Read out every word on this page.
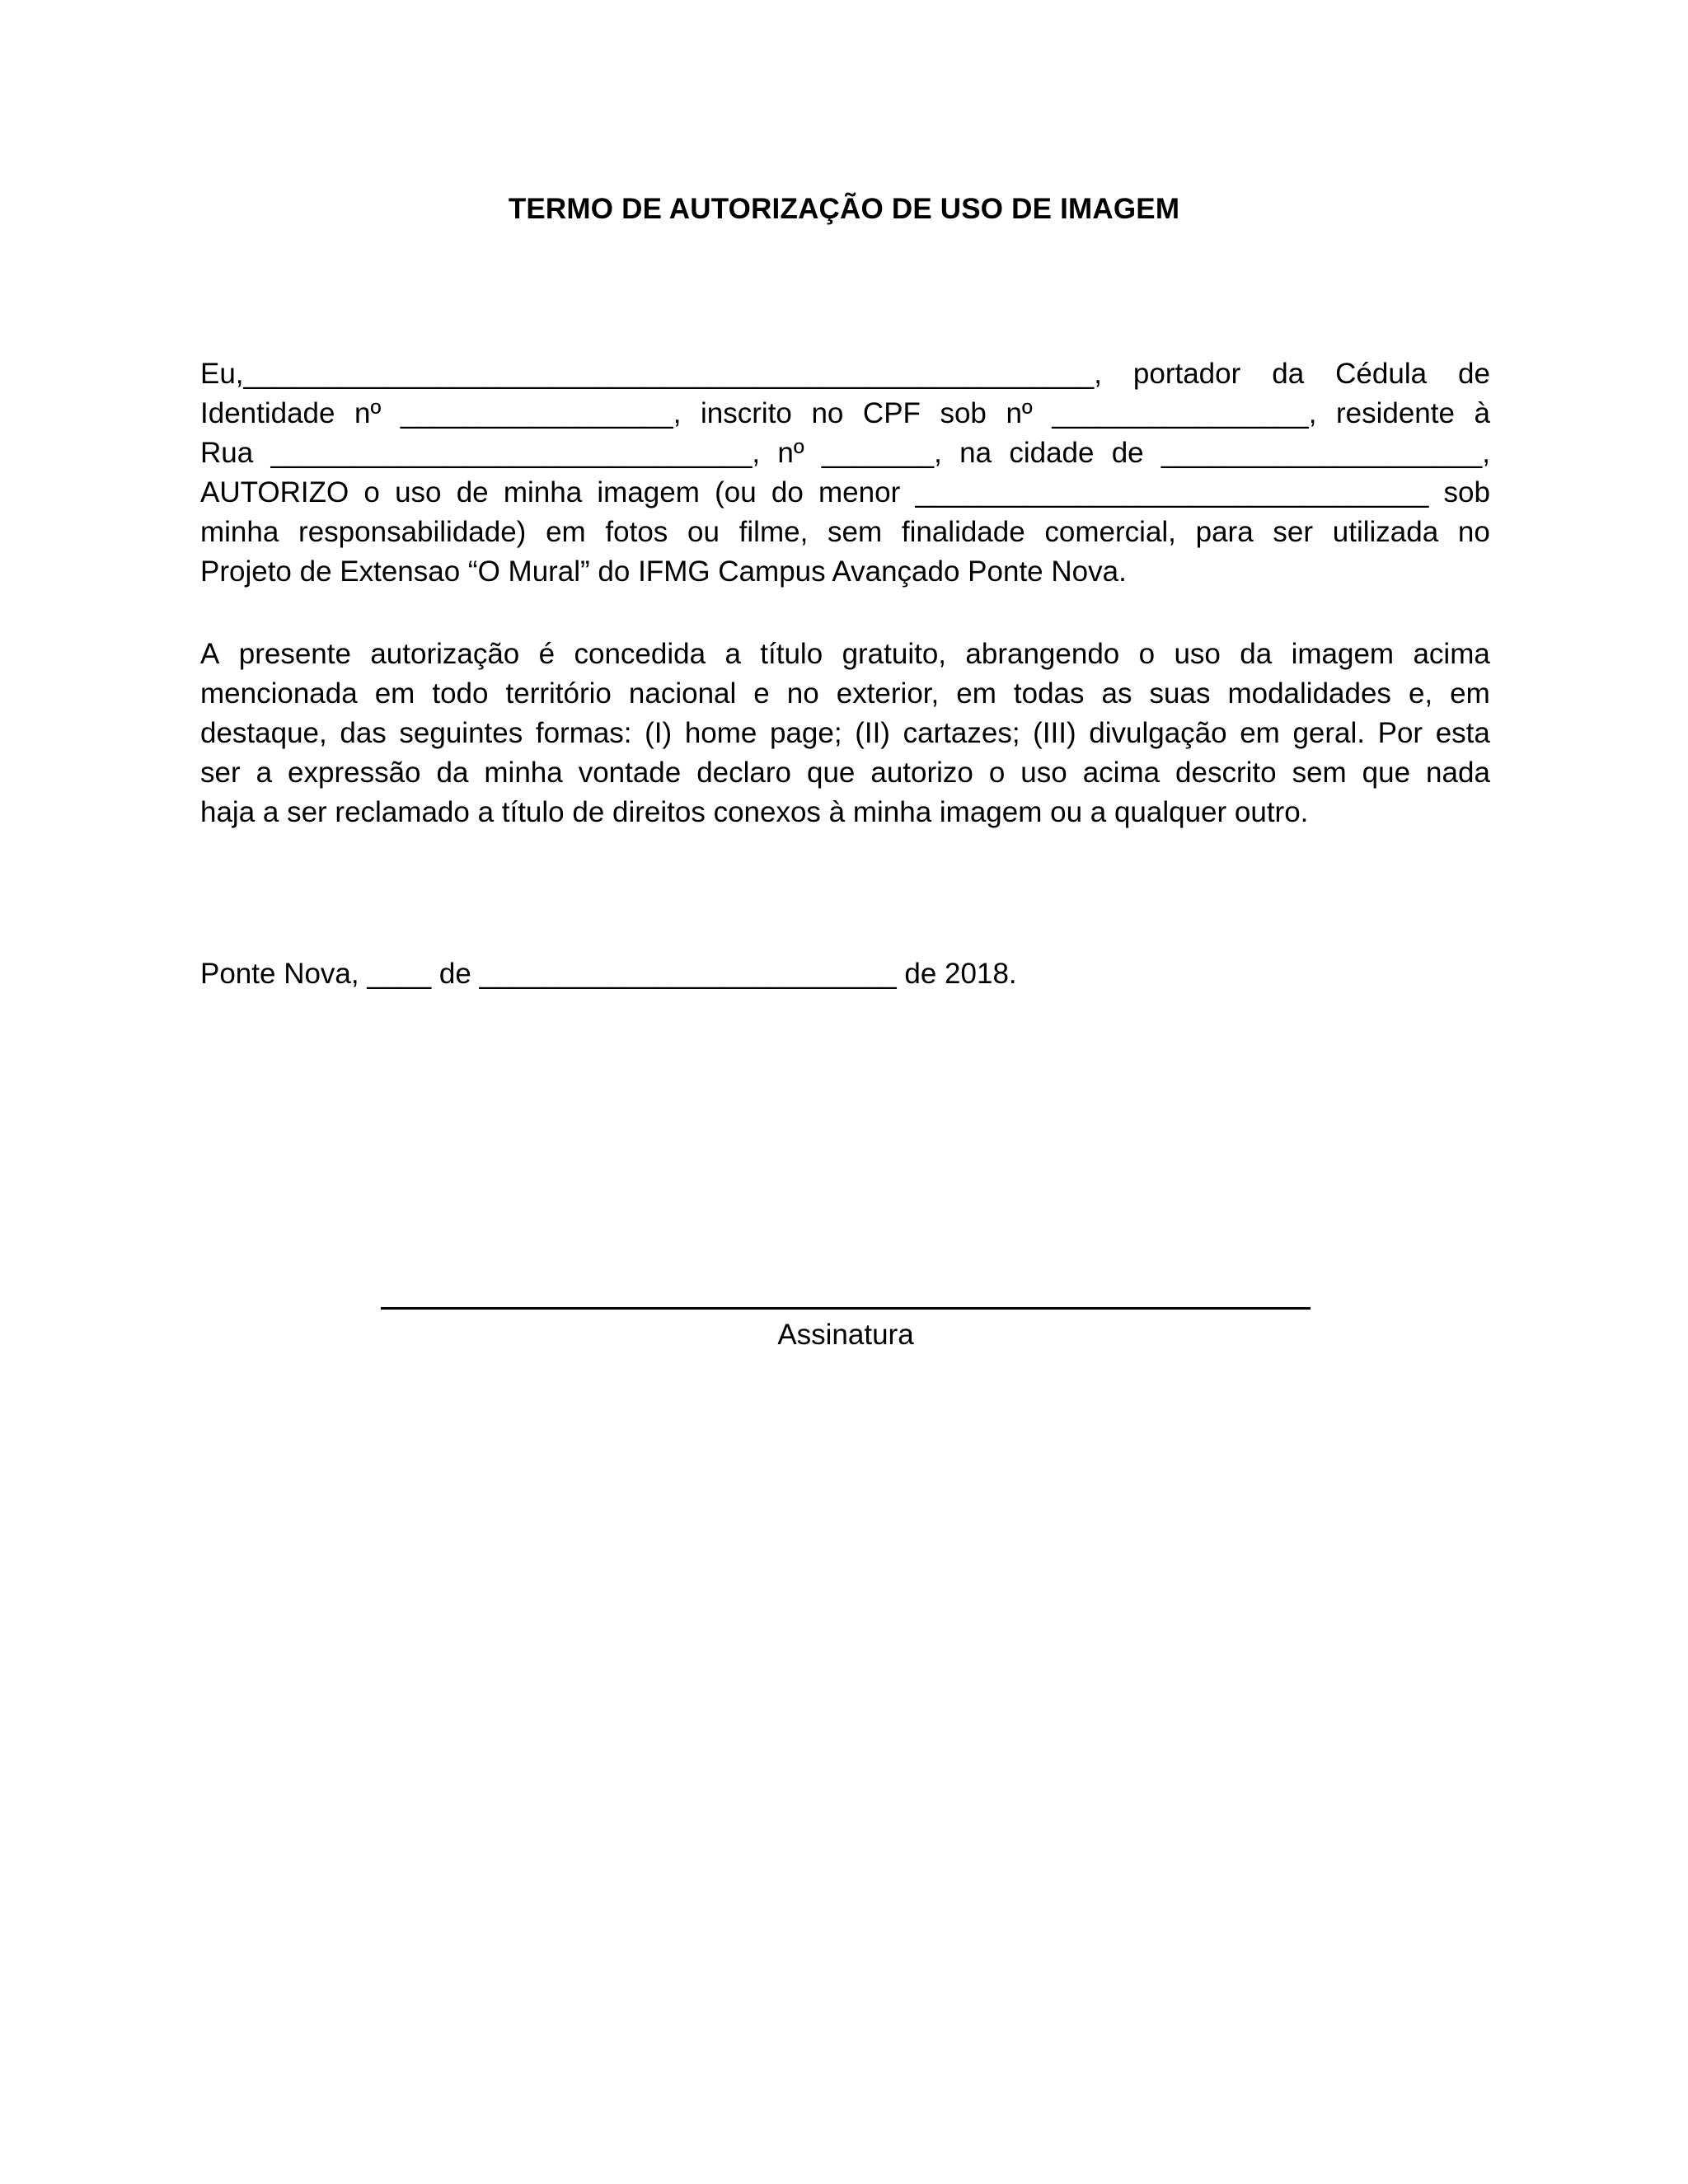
TERMO DE AUTORIZAÇÃO DE USO DE IMAGEM
Eu,_____________________________________________________, portador da Cédula de
Identidade nº _________________, inscrito no CPF sob nº ________________, residente à
Rua ______________________________, nº _______, na cidade de ____________________,
AUTORIZO o uso de minha imagem (ou do menor ________________________________ sob
minha responsabilidade) em fotos ou filme, sem finalidade comercial, para ser utilizada no
Projeto de Extensao “O Mural” do IFMG Campus Avançado Ponte Nova.
A presente autorização é concedida a título gratuito, abrangendo o uso da imagem acima
mencionada em todo território nacional e no exterior, em todas as suas modalidades e, em
destaque, das seguintes formas: (I) home page; (II) cartazes; (III) divulgação em geral. Por esta
ser a expressão da minha vontade declaro que autorizo o uso acima descrito sem que nada
haja a ser reclamado a título de direitos conexos à minha imagem ou a qualquer outro.
Ponte Nova, ____ de __________________________ de 2018.
Assinatura
